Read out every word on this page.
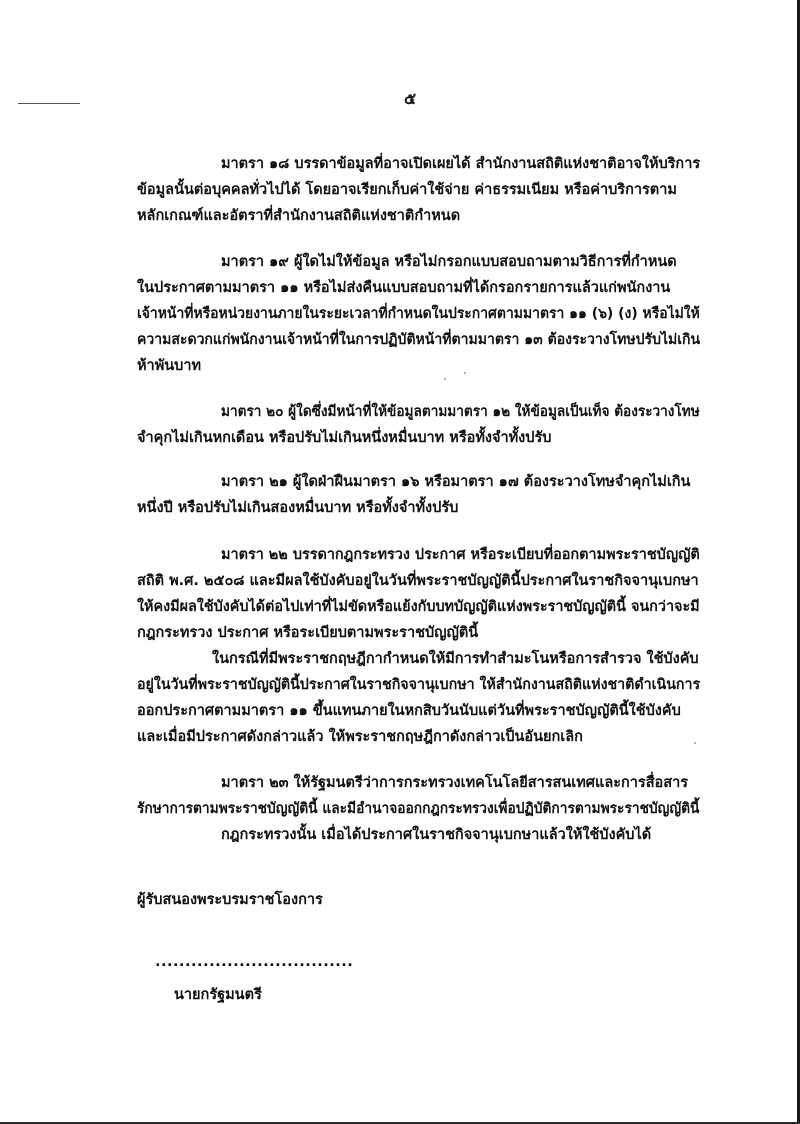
๕
มาตรา ๑๘ บรรดาข้อมูลที่อาจเปิดเผยได้ สำนักงานสถิติแห่งชาติอาจให้บริการ
ข้อมูลนั้นต่อบุคคลทั่วไปได้ โดยอาจเรียกเก็บค่าใช้จ่าย ค่าธรรมเนียม หรือค่าบริการตาม
หลักเกณฑ์และอัตราที่สำนักงานสถิติแห่งชาติกำหนด
มาตรา ๑๙ ผู้ใดไม่ให้ข้อมูล หรือไม่กรอกแบบสอบถามตามวิธีการที่กำหนด
ในประกาศตามมาตรา ๑๑ หรือไม่ส่งคืนแบบสอบถามที่ได้กรอกรายการแล้วแก่พนักงาน
เจ้าหน้าที่หรือหน่วยงานภายในระยะเวลาที่กำหนดในประกาศตามมาตรา ๑๑ (๖) (ง) หรือไม่ให้
ความสะดวกแก่พนักงานเจ้าหน้าที่ในการปฏิบัติหน้าที่ตามมาตรา ๑๓ ต้องระวางโทษปรับไม่เกิน
ห้าพันบาท
มาตรา ๒๐ ผู้ใดซึ่งมีหน้าที่ให้ข้อมูลตามมาตรา ๑๒ ให้ข้อมูลเป็นเท็จ ต้องระวางโทษ
จำคุกไม่เกินหกเดือน หรือปรับไม่เกินหนึ่งหมื่นบาท หรือทั้งจำทั้งปรับ
มาตรา ๒๑ ผู้ใดฝ่าฝืนมาตรา ๑๖ หรือมาตรา ๑๗ ต้องระวางโทษจำคุกไม่เกิน
หนึ่งปี หรือปรับไม่เกินสองหมื่นบาท หรือทั้งจำทั้งปรับ
มาตรา ๒๒ บรรดากฎกระทรวง ประกาศ หรือระเบียบที่ออกตามพระราชบัญญัติ
สถิติ พ.ศ. ๒๕๐๘ และมีผลใช้บังคับอยู่ในวันที่พระราชบัญญัตินี้ประกาศในราชกิจจานุเบกษา
ให้คงมีผลใช้บังคับได้ต่อไปเท่าที่ไม่ขัดหรือแย้งกับบทบัญญัติแห่งพระราชบัญญัตินี้ จนกว่าจะมี
กฎกระทรวง ประกาศ หรือระเบียบตามพระราชบัญญัตินี้
ในกรณีที่มีพระราชกฤษฎีกากำหนดให้มีการทำสำมะโนหรือการสำรวจ ใช้บังคับ
อยู่ในวันที่พระราชบัญญัตินี้ประกาศในราชกิจจานุเบกษา ให้สำนักงานสถิติแห่งชาติดำเนินการ
ออกประกาศตามมาตรา ๑๑ ขึ้นแทนภายในหกสิบวันนับแต่วันที่พระราชบัญญัตินี้ใช้บังคับ
และเมื่อมีประกาศดังกล่าวแล้ว ให้พระราชกฤษฎีกาดังกล่าวเป็นอันยกเลิก
มาตรา ๒๓ ให้รัฐมนตรีว่าการกระทรวงเทคโนโลยีสารสนเทศและการสื่อสาร
รักษาการตามพระราชบัญญัตินี้ และมีอำนาจออกกฎกระทรวงเพื่อปฏิบัติการตามพระราชบัญญัตินี้
กฎกระทรวงนั้น เมื่อได้ประกาศในราชกิจจานุเบกษาแล้วให้ใช้บังคับได้
ผู้รับสนองพระบรมราชโองการ
.................................
นายกรัฐมนตรี
